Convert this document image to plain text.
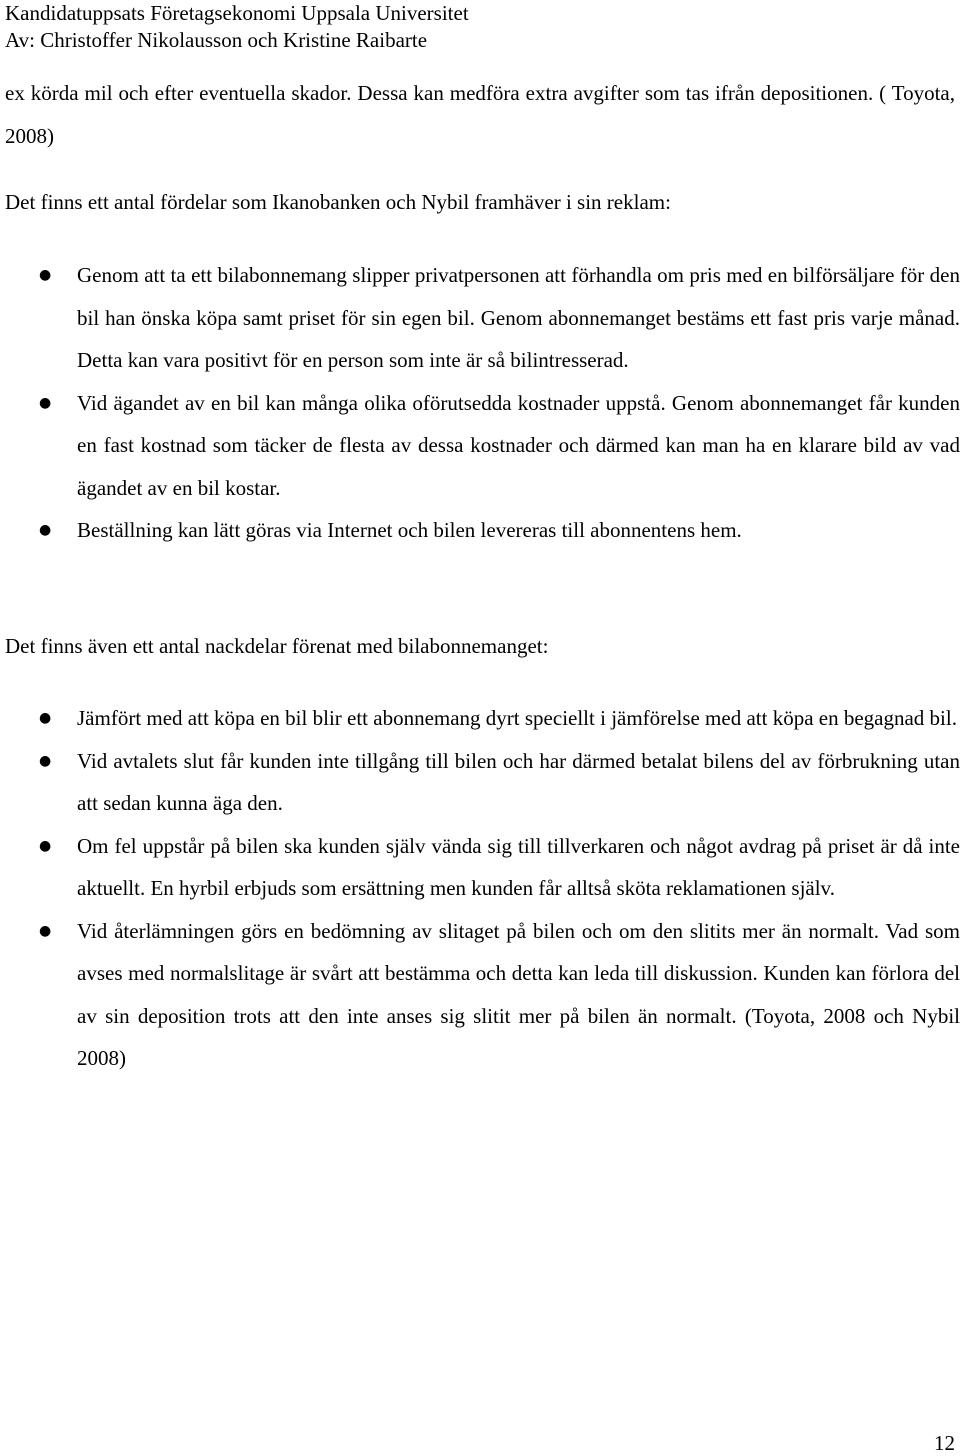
Kandidatuppsats Företagsekonomi Uppsala Universitet
Av: Christoffer Nikolausson och Kristine Raibarte

ex körda mil och efter eventuella skador. Dessa kan medföra extra avgifter som tas ifrån depositionen. ( Toyota, 2008)

Det finns ett antal fördelar som Ikanobanken och Nybil framhäver i sin reklam:

● Genom att ta ett bilabonnemang slipper privatpersonen att förhandla om pris med en bilförsäljare för den bil han önska köpa samt priset för sin egen bil. Genom abonnemanget bestäms ett fast pris varje månad. Detta kan vara positivt för en person som inte är så bilintresserad.
● Vid ägandet av en bil kan många olika oförutsedda kostnader uppstå. Genom abonnemanget får kunden en fast kostnad som täcker de flesta av dessa kostnader och därmed kan man ha en klarare bild av vad ägandet av en bil kostar.
● Beställning kan lätt göras via Internet och bilen levereras till abonnentens hem.

Det finns även ett antal nackdelar förenat med bilabonnemanget:

● Jämfört med att köpa en bil blir ett abonnemang dyrt speciellt i jämförelse med att köpa en begagnad bil.
● Vid avtalets slut får kunden inte tillgång till bilen och har därmed betalat bilens del av förbrukning utan att sedan kunna äga den.
● Om fel uppstår på bilen ska kunden själv vända sig till tillverkaren och något avdrag på priset är då inte aktuellt. En hyrbil erbjuds som ersättning men kunden får alltså sköta reklamationen själv.
● Vid återlämningen görs en bedömning av slitaget på bilen och om den slitits mer än normalt. Vad som avses med normalslitage är svårt att bestämma och detta kan leda till diskussion. Kunden kan förlora del av sin deposition trots att den inte anses sig slitit mer på bilen än normalt. (Toyota, 2008 och Nybil 2008)
12
